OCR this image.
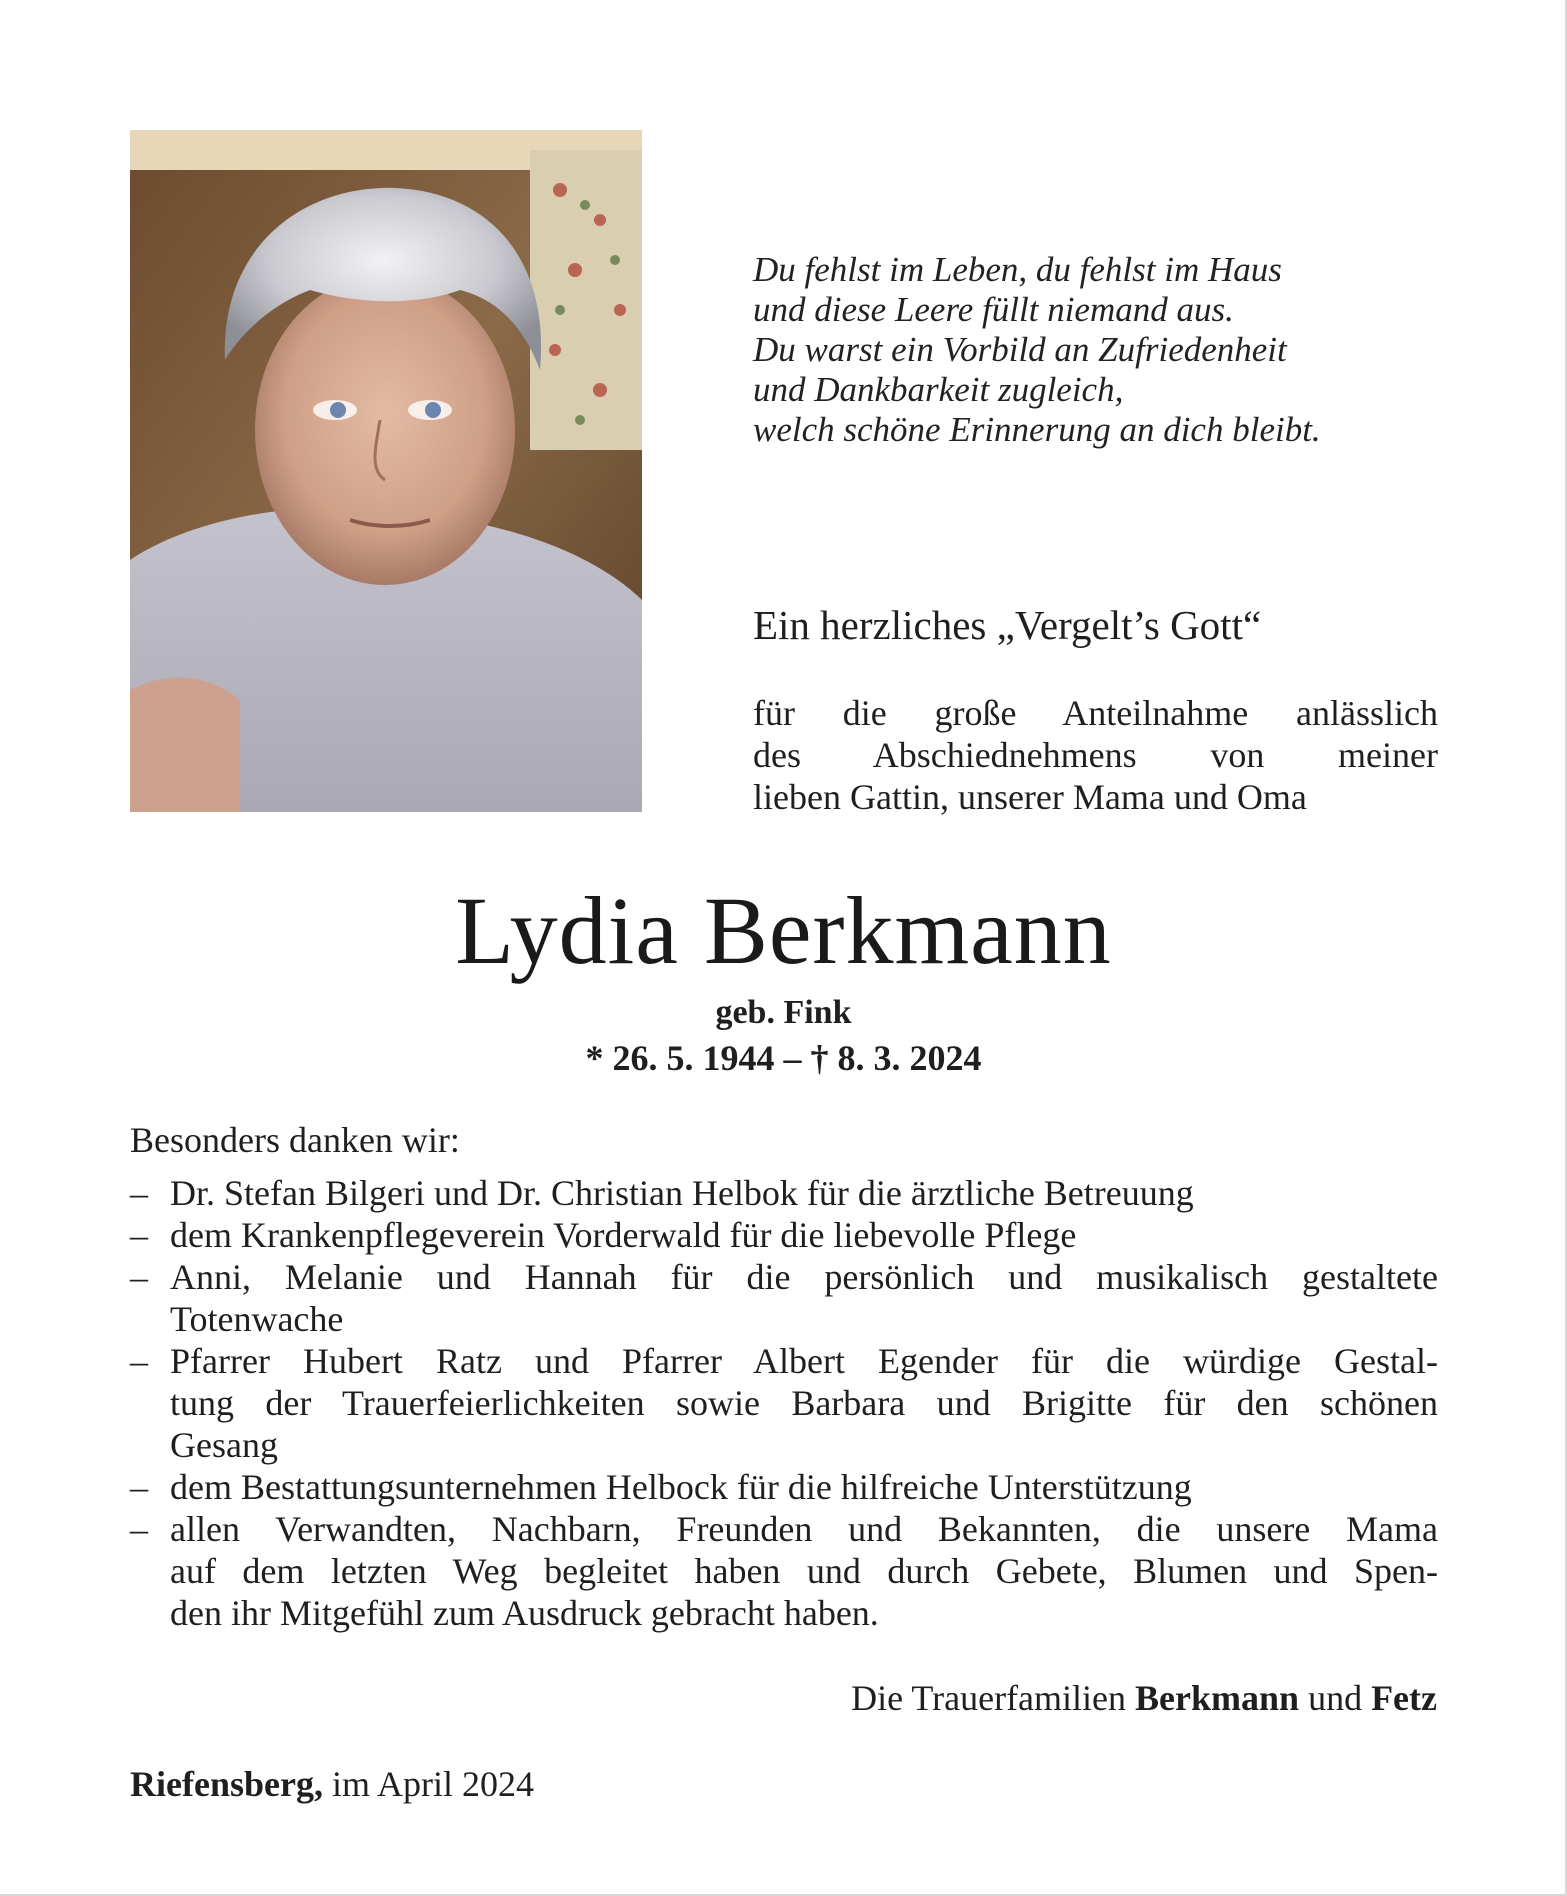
Du fehlst im Leben, du fehlst im Haus
und diese Leere füllt niemand aus.
Du warst ein Vorbild an Zufriedenheit
und Dankbarkeit zugleich,
welch schöne Erinnerung an dich bleibt.
Ein herzliches „Vergelt’s Gott“
für die große Anteilnahme anlässlich
des Abschiednehmens von meiner
lieben Gattin, unserer Mama und Oma
Lydia Berkmann
geb. Fink
* 26. 5. 1944 – † 8. 3. 2024
Besonders danken wir:
– Dr. Stefan Bilgeri und Dr. Christian Helbok für die ärztliche Betreuung
– dem Krankenpflegeverein Vorderwald für die liebevolle Pflege
– Anni, Melanie und Hannah für die persönlich und musikalisch gestaltete
Totenwache
– Pfarrer Hubert Ratz und Pfarrer Albert Egender für die würdige Gestal-
tung der Trauerfeierlichkeiten sowie Barbara und Brigitte für den schönen
Gesang
– dem Bestattungsunternehmen Helbock für die hilfreiche Unterstützung
– allen Verwandten, Nachbarn, Freunden und Bekannten, die unsere Mama
auf dem letzten Weg begleitet haben und durch Gebete, Blumen und Spen-
den ihr Mitgefühl zum Ausdruck gebracht haben.
Die Trauerfamilien Berkmann und Fetz
Riefensberg, im April 2024
